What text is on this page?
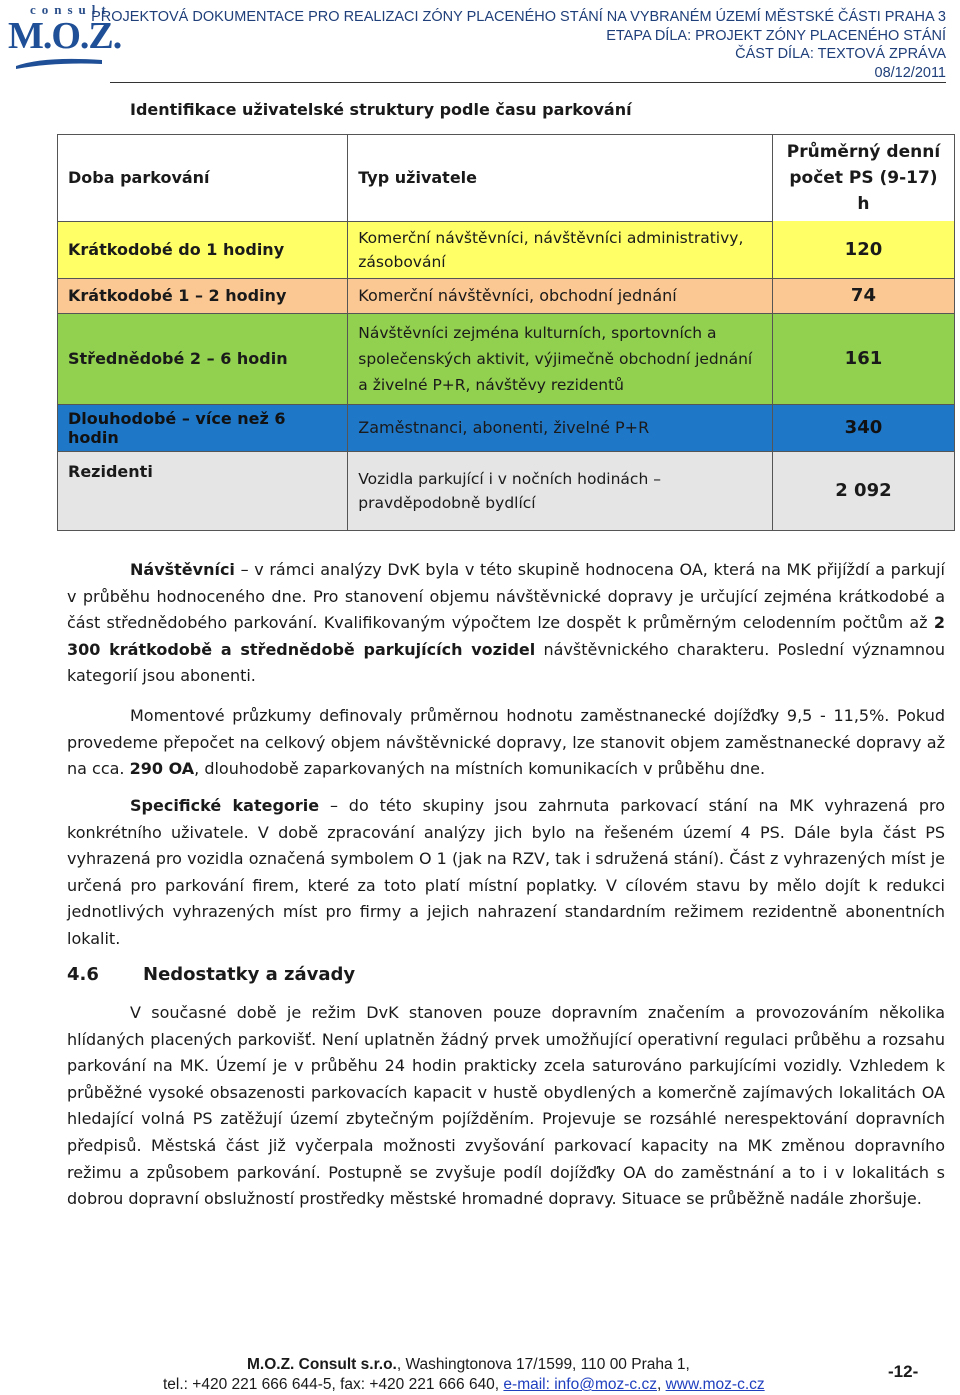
consult
M.O.Z.
PROJEKTOVÁ DOKUMENTACE PRO REALIZACI ZÓNY PLACENÉHO STÁNÍ NA VYBRANÉM ÚZEMÍ MĚSTSKÉ ČÁSTI PRAHA 3
ETAPA DÍLA: PROJEKT ZÓNY PLACENÉHO STÁNÍ
ČÁST DÍLA: TEXTOVÁ ZPRÁVA
08/12/2011
Identifikace uživatelské struktury podle času parkování
Doba parkování	Typ uživatele	Průměrný denní počet PS (9-17) h
Krátkodobé do 1 hodiny	Komerční návštěvníci, návštěvníci administrativy, zásobování	120
Krátkodobé 1 – 2 hodiny	Komerční návštěvníci, obchodní jednání	74
Střednědobé 2 – 6 hodin	Návštěvníci zejména kulturních, sportovních a společenských aktivit, výjimečně obchodní jednání a živelné P+R, návštěvy rezidentů	161
Dlouhodobé – více než 6 hodin	Zaměstnanci, abonenti, živelné P+R	340
Rezidenti	Vozidla parkující i v nočních hodinách – pravděpodobně bydlící	2 092
Návštěvníci – v rámci analýzy DvK byla v této skupině hodnocena OA, která na MK přijíždí a parkují v průběhu hodnoceného dne. Pro stanovení objemu návštěvnické dopravy je určující zejména krátkodobé a část střednědobého parkování. Kvalifikovaným výpočtem lze dospět k průměrným celodenním počtům až 2 300 krátkodobě a střednědobě parkujících vozidel návštěvnického charakteru. Poslední významnou kategorií jsou abonenti.
Momentové průzkumy definovaly průměrnou hodnotu zaměstnanecké dojížďky 9,5 - 11,5%. Pokud provedeme přepočet na celkový objem návštěvnické dopravy, lze stanovit objem zaměstnanecké dopravy až na cca. 290 OA, dlouhodobě zaparkovaných na místních komunikacích v průběhu dne.
Specifické kategorie – do této skupiny jsou zahrnuta parkovací stání na MK vyhrazená pro konkrétního uživatele. V době zpracování analýzy jich bylo na řešeném území 4 PS. Dále byla část PS vyhrazená pro vozidla označená symbolem O 1 (jak na RZV, tak i sdružená stání). Část z vyhrazených míst je určená pro parkování firem, které za toto platí místní poplatky. V cílovém stavu by mělo dojít k redukci jednotlivých vyhrazených míst pro firmy a jejich nahrazení standardním režimem rezidentně abonentních lokalit.
4.6 Nedostatky a závady
V současné době je režim DvK stanoven pouze dopravním značením a provozováním několika hlídaných placených parkovišť. Není uplatněn žádný prvek umožňující operativní regulaci průběhu a rozsahu parkování na MK. Území je v průběhu 24 hodin prakticky zcela saturováno parkujícími vozidly. Vzhledem k průběžné vysoké obsazenosti parkovacích kapacit v hustě obydlených a komerčně zajímavých lokalitách OA hledající volná PS zatěžují území zbytečným pojížděním. Projevuje se rozsáhlé nerespektování dopravních předpisů. Městská část již vyčerpala možnosti zvyšování parkovací kapacity na MK změnou dopravního režimu a způsobem parkování. Postupně se zvyšuje podíl dojížďky OA do zaměstnání a to i v lokalitách s dobrou dopravní obslužností prostředky městské hromadné dopravy. Situace se průběžně nadále zhoršuje.
M.O.Z. Consult s.r.o., Washingtonova 17/1599, 110 00 Praha 1,
tel.: +420 221 666 644-5, fax: +420 221 666 640, e-mail: info@moz-c.cz, www.moz-c.cz
-12-
